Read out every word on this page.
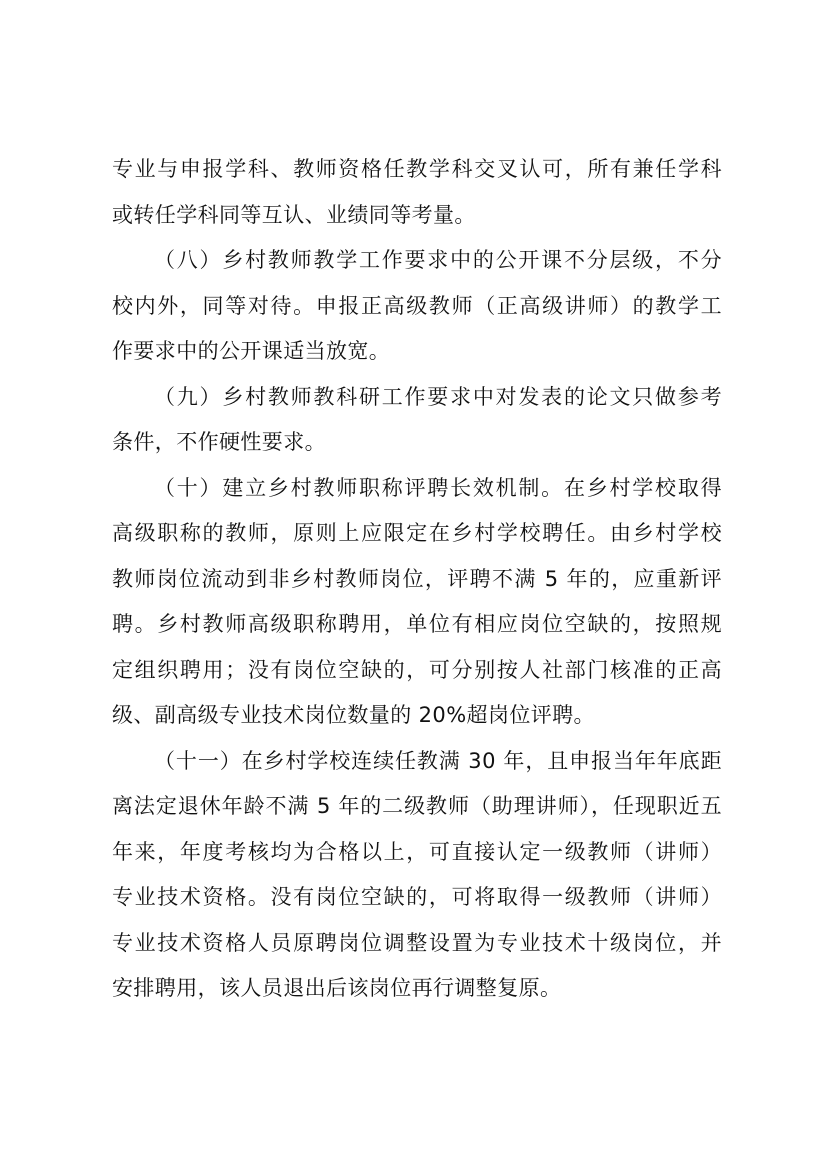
专业与申报学科、教师资格任教学科交叉认可，所有兼任学科
或转任学科同等互认、业绩同等考量。
（八）乡村教师教学工作要求中的公开课不分层级，不分
校内外，同等对待。申报正高级教师（正高级讲师）的教学工
作要求中的公开课适当放宽。
（九）乡村教师教科研工作要求中对发表的论文只做参考
条件，不作硬性要求。
（十）建立乡村教师职称评聘长效机制。在乡村学校取得
高级职称的教师，原则上应限定在乡村学校聘任。由乡村学校
教师岗位流动到非乡村教师岗位，评聘不满 5 年的，应重新评
聘。乡村教师高级职称聘用，单位有相应岗位空缺的，按照规
定组织聘用；没有岗位空缺的，可分别按人社部门核准的正高
级、副高级专业技术岗位数量的 20%超岗位评聘。
（十一）在乡村学校连续任教满 30 年，且申报当年年底距
离法定退休年龄不满 5 年的二级教师（助理讲师），任现职近五
年来，年度考核均为合格以上，可直接认定一级教师（讲师）
专业技术资格。没有岗位空缺的，可将取得一级教师（讲师）
专业技术资格人员原聘岗位调整设置为专业技术十级岗位，并
安排聘用，该人员退出后该岗位再行调整复原。
